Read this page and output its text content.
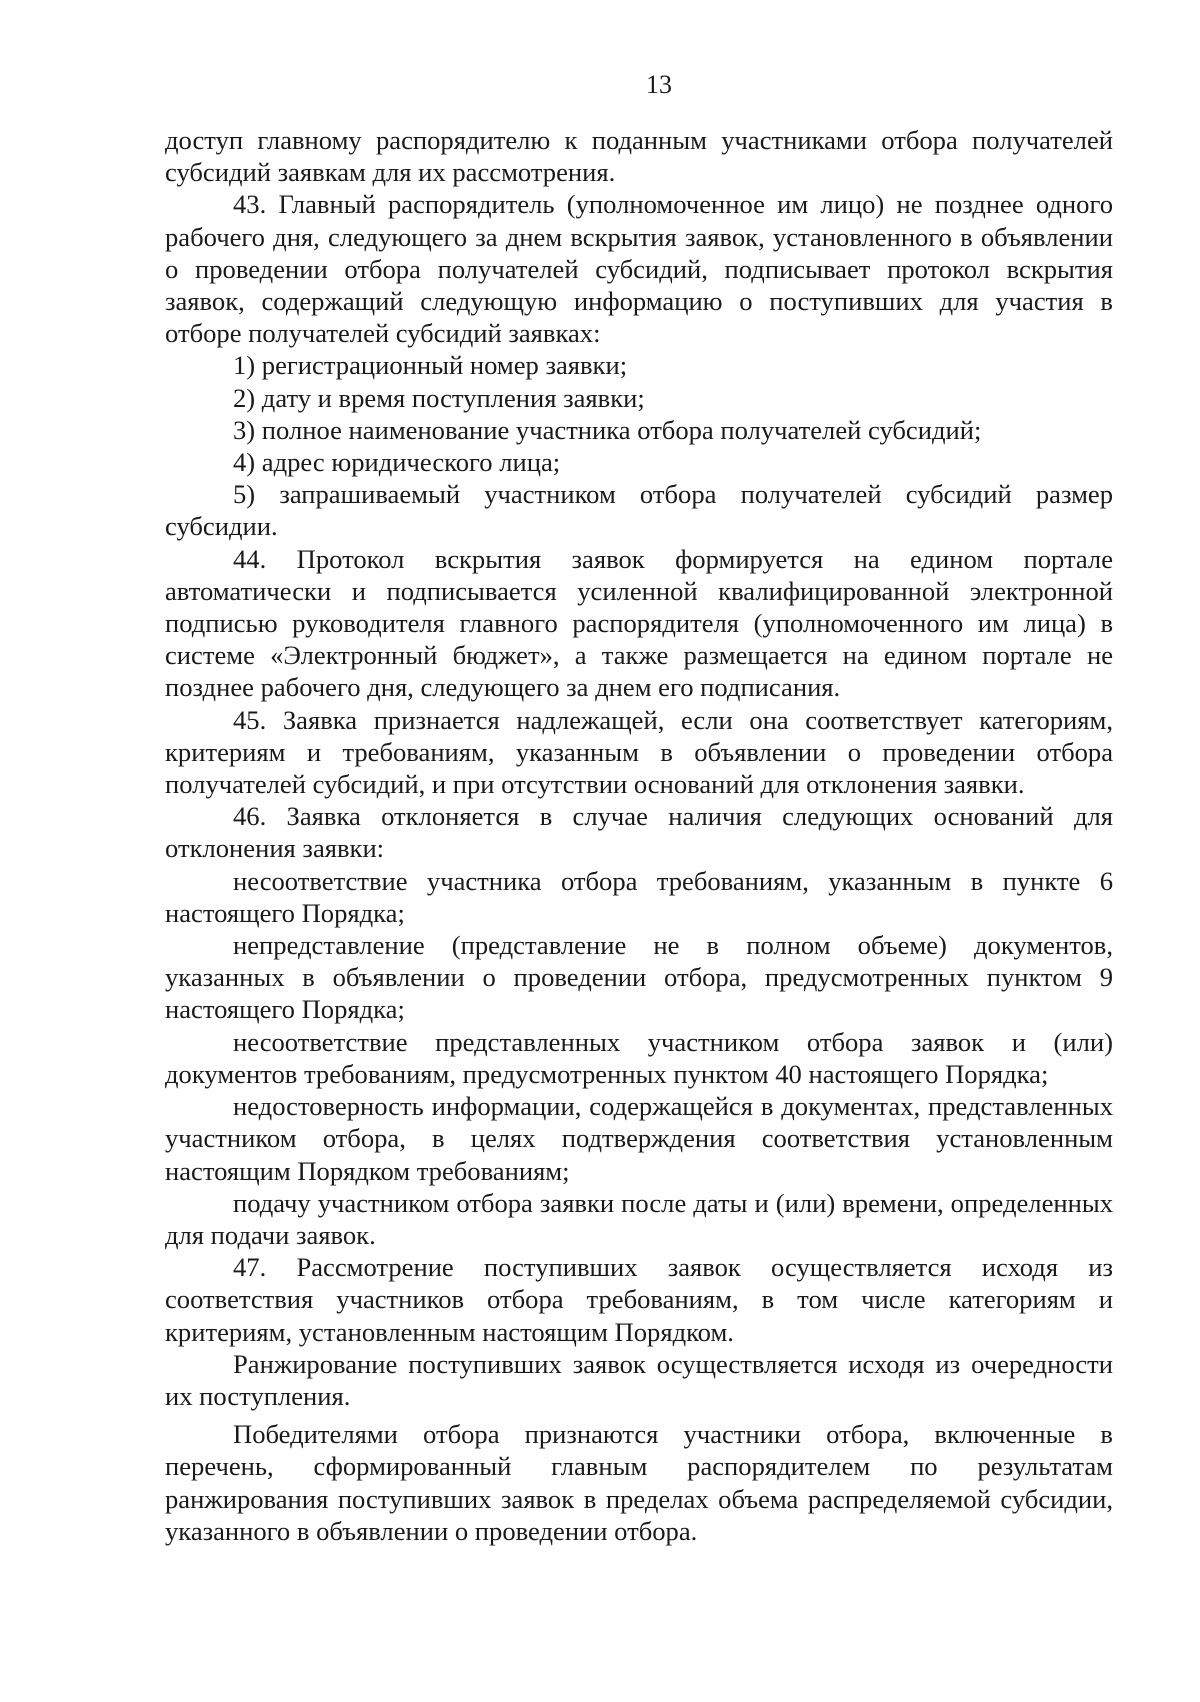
13

доступ главному распорядителю к поданным участниками отбора получателей субсидий заявкам для их рассмотрения.

43. Главный распорядитель (уполномоченное им лицо) не позднее одного рабочего дня, следующего за днем вскрытия заявок, установленного в объявлении о проведении отбора получателей субсидий, подписывает протокол вскрытия заявок, содержащий следующую информацию о поступивших для участия в отборе получателей субсидий заявках:

1) регистрационный номер заявки;

2) дату и время поступления заявки;

3) полное наименование участника отбора получателей субсидий;

4) адрес юридического лица;

5) запрашиваемый участником отбора получателей субсидий размер субсидии.

44. Протокол вскрытия заявок формируется на едином портале автоматически и подписывается усиленной квалифицированной электронной подписью руководителя главного распорядителя (уполномоченного им лица) в системе «Электронный бюджет», а также размещается на едином портале не позднее рабочего дня, следующего за днем его подписания.

45. Заявка признается надлежащей, если она соответствует категориям, критериям и требованиям, указанным в объявлении о проведении отбора получателей субсидий, и при отсутствии оснований для отклонения заявки.

46. Заявка отклоняется в случае наличия следующих оснований для отклонения заявки:

несоответствие участника отбора требованиям, указанным в пункте 6 настоящего Порядка;

непредставление (представление не в полном объеме) документов, указанных в объявлении о проведении отбора, предусмотренных пунктом 9 настоящего Порядка;

несоответствие представленных участником отбора заявок и (или) документов требованиям, предусмотренных пунктом 40 настоящего Порядка;

недостоверность информации, содержащейся в документах, представленных участником отбора, в целях подтверждения соответствия установленным настоящим Порядком требованиям;

подачу участником отбора заявки после даты и (или) времени, определенных для подачи заявок.

47. Рассмотрение поступивших заявок осуществляется исходя из соответствия участников отбора требованиям, в том числе категориям и критериям, установленным настоящим Порядком.

Ранжирование поступивших заявок осуществляется исходя из очередности их поступления.

Победителями отбора признаются участники отбора, включенные в перечень, сформированный главным распорядителем по результатам ранжирования поступивших заявок в пределах объема распределяемой субсидии, указанного в объявлении о проведении отбора.
